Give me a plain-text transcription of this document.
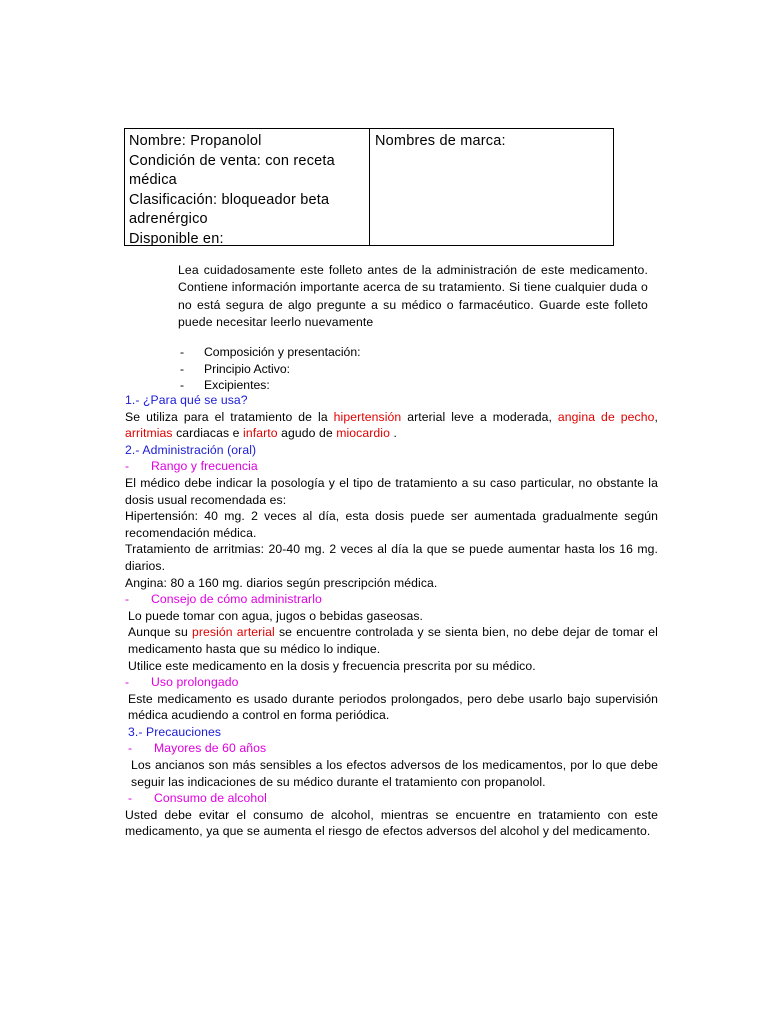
Nombre: Propanolol
Condición de venta: con receta médica
Clasificación: bloqueador beta adrenérgico
Disponible en:
Nombres de marca:
Lea cuidadosamente este folleto antes de la administración de este medicamento. Contiene información importante acerca de su tratamiento. Si tiene cualquier duda o no está segura de algo pregunte a su médico o farmacéutico. Guarde este folleto puede necesitar leerlo nuevamente
-	Composición y presentación:
-	Principio Activo:
-	Excipientes:

1.- ¿Para qué se usa?

Se utiliza para el tratamiento de la hipertensión arterial leve a moderada, angina de pecho, arritmias cardiacas e infarto agudo de miocardio .

2.- Administración (oral)

-	Rango y frecuencia

El médico debe indicar la posología y el tipo de tratamiento a su caso particular, no obstante la dosis usual recomendada es:

Hipertensión: 40 mg. 2 veces al día, esta dosis puede ser aumentada gradualmente según recomendación médica.

Tratamiento de arritmias: 20-40 mg. 2 veces al día la que se puede aumentar hasta los 16 mg. diarios.

Angina: 80 a 160 mg. diarios según prescripción médica.

-	Consejo de cómo administrarlo

Lo puede tomar con agua, jugos o bebidas gaseosas.

Aunque su presión arterial se encuentre controlada y se sienta bien, no debe dejar de tomar el medicamento hasta que su médico lo indique.

Utilice este medicamento en la dosis y frecuencia prescrita por su médico.

-	Uso prolongado

Este medicamento es usado durante periodos prolongados, pero debe usarlo bajo supervisión médica acudiendo a control en forma periódica.

3.- Precauciones

-	Mayores de 60 años

Los ancianos son más sensibles a los efectos adversos de los medicamentos, por lo que debe seguir las indicaciones de su médico durante el tratamiento con propanolol.

-	Consumo de alcohol

Usted debe evitar el consumo de alcohol, mientras se encuentre en tratamiento con este medicamento, ya que se aumenta el riesgo de efectos adversos del alcohol y del medicamento.
